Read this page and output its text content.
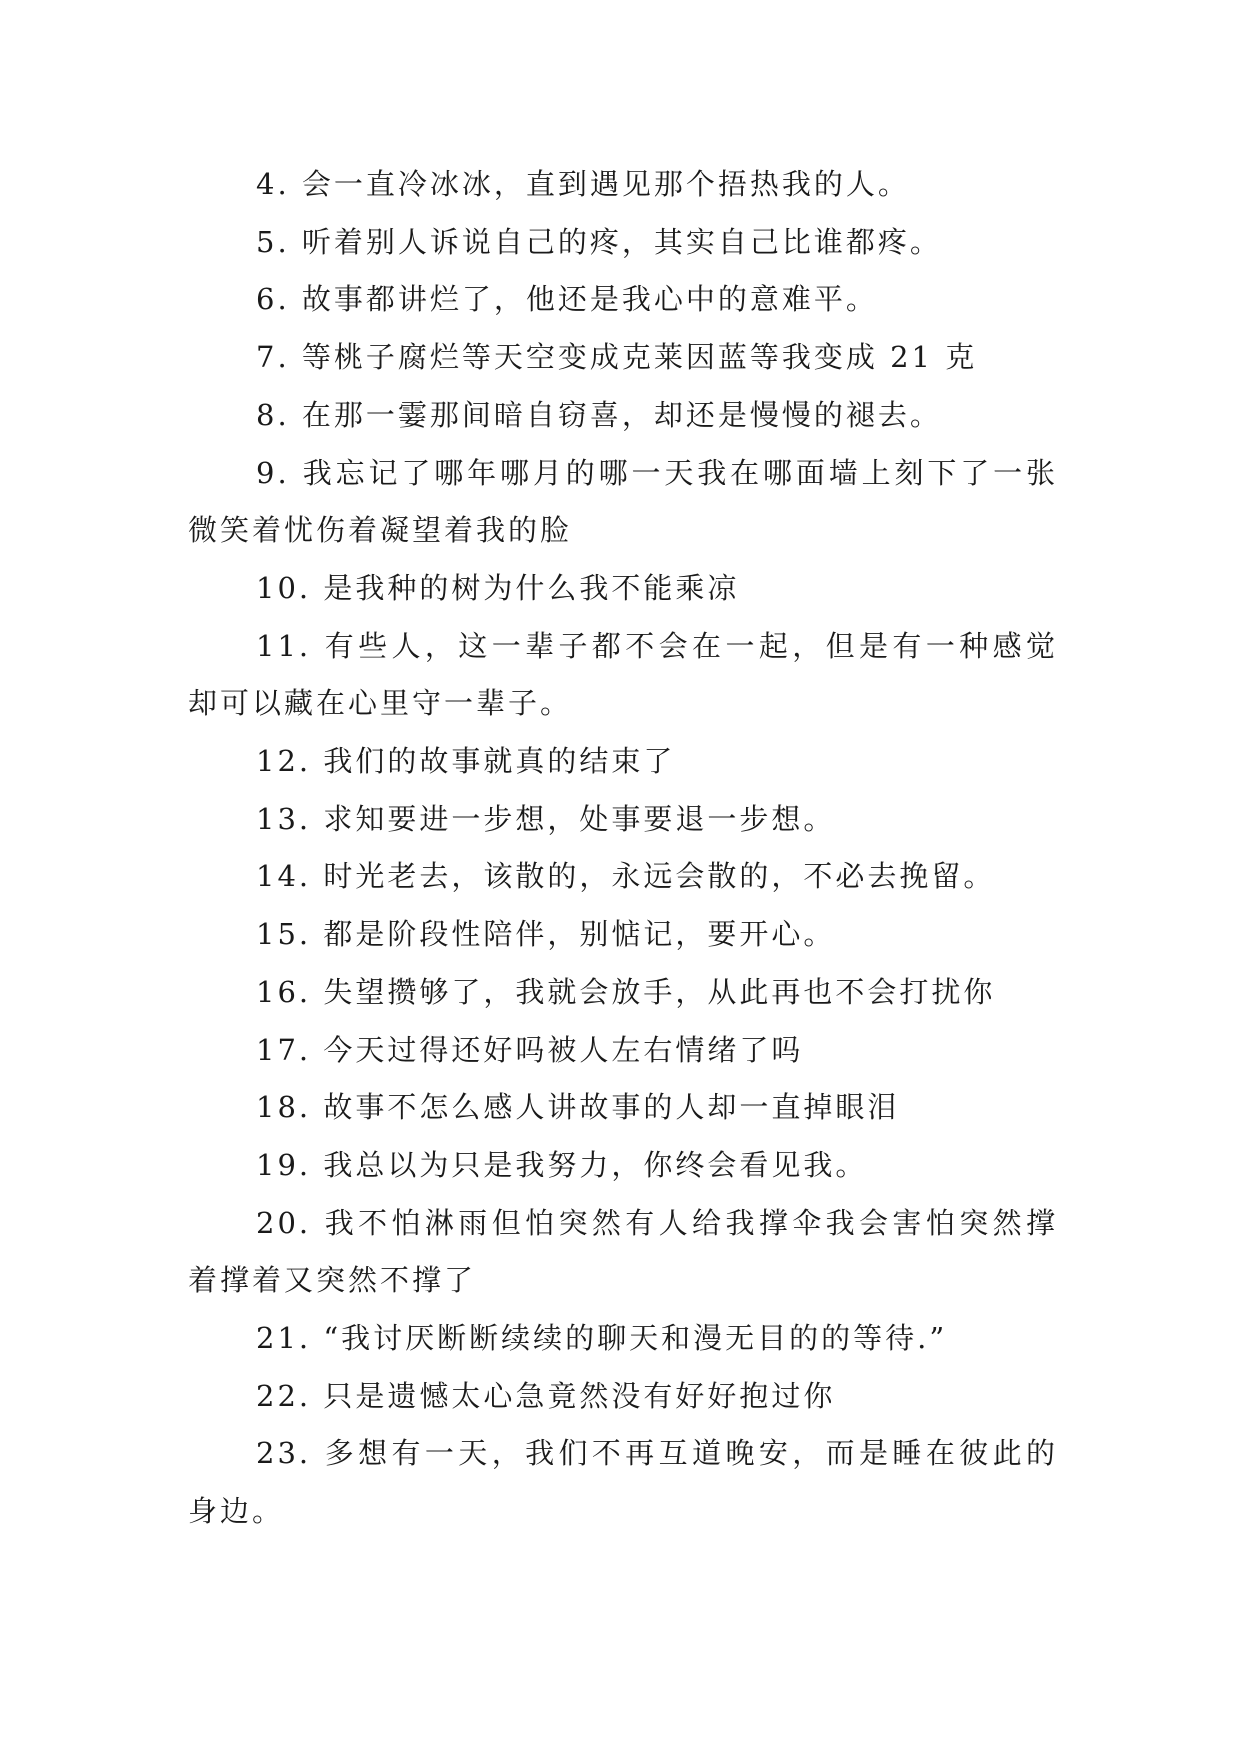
4. 会一直冷冰冰，直到遇见那个捂热我的人。

5. 听着别人诉说自己的疼，其实自己比谁都疼。

6. 故事都讲烂了，他还是我心中的意难平。

7. 等桃子腐烂等天空变成克莱因蓝等我变成 21 克

8. 在那一霎那间暗自窃喜，却还是慢慢的褪去。

9. 我忘记了哪年哪月的哪一天我在哪面墙上刻下了一张微笑着忧伤着凝望着我的脸

10. 是我种的树为什么我不能乘凉

11. 有些人，这一辈子都不会在一起，但是有一种感觉却可以藏在心里守一辈子。

12. 我们的故事就真的结束了

13. 求知要进一步想，处事要退一步想。

14. 时光老去，该散的，永远会散的，不必去挽留。

15. 都是阶段性陪伴，别惦记，要开心。

16. 失望攒够了，我就会放手，从此再也不会打扰你

17. 今天过得还好吗被人左右情绪了吗

18. 故事不怎么感人讲故事的人却一直掉眼泪

19. 我总以为只是我努力，你终会看见我。

20. 我不怕淋雨但怕突然有人给我撑伞我会害怕突然撑着撑着又突然不撑了

21. “我讨厌断断续续的聊天和漫无目的的等待.”

22. 只是遗憾太心急竟然没有好好抱过你

23. 多想有一天，我们不再互道晚安，而是睡在彼此的身边。
